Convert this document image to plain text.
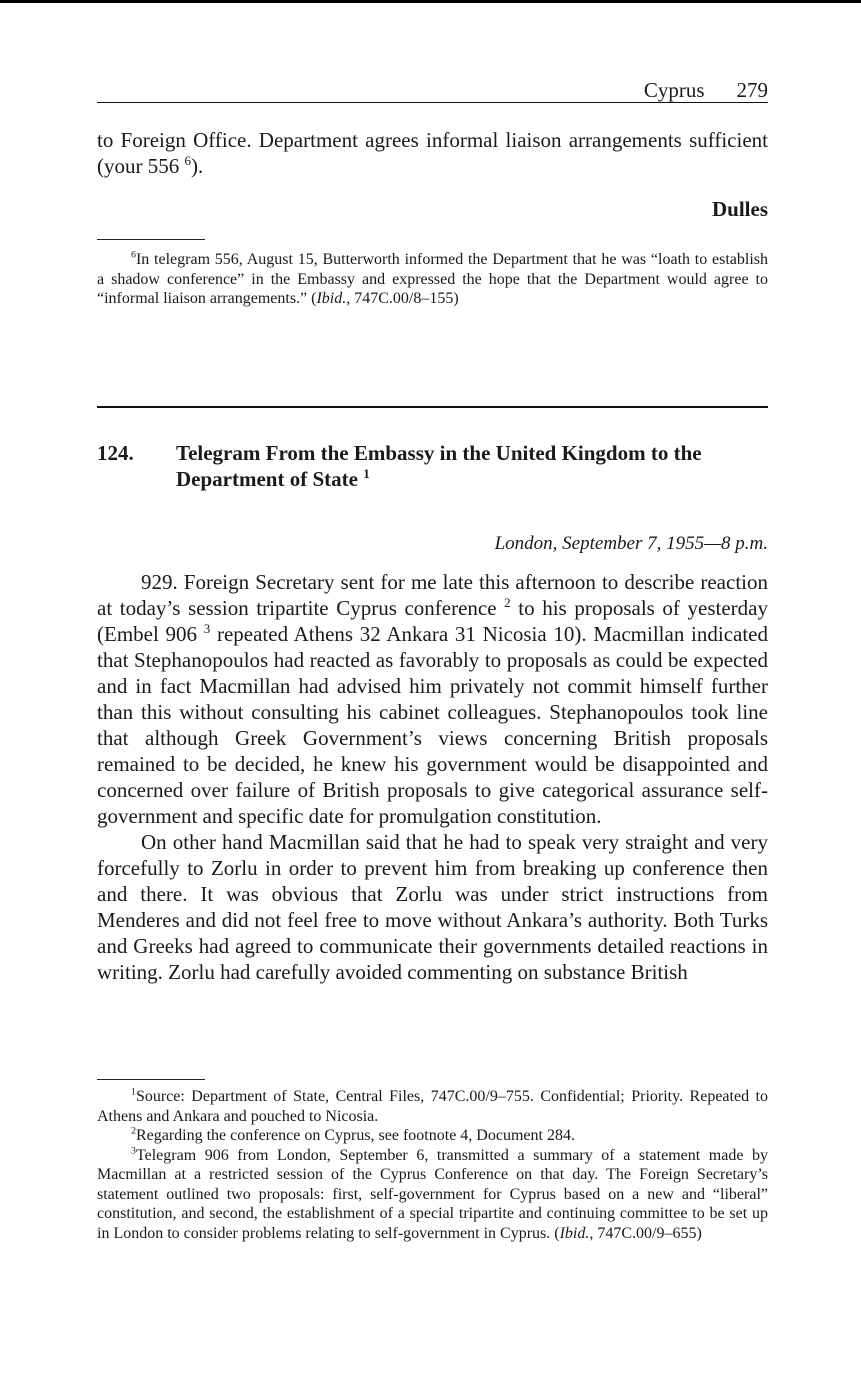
Cyprus 279

to Foreign Office. Department agrees informal liaison arrangements sufficient (your 556 $^6$).

Dulles

$^6$In telegram 556, August 15, Butterworth informed the Department that he was “loath to establish a shadow conference” in the Embassy and expressed the hope that the Department would agree to “informal liaison arrangements.” (Ibid., 747C.00/8–155)

124. Telegram From the Embassy in the United Kingdom to the Department of State $^1$
London, September 7, 1955—8 p.m.

929. Foreign Secretary sent for me late this afternoon to describe reaction at today’s session tripartite Cyprus conference $^2$ to his proposals of yesterday (Embel 906 $^3$ repeated Athens 32 Ankara 31 Nicosia 10). Macmillan indicated that Stephanopoulos had reacted as favorably to proposals as could be expected and in fact Macmillan had advised him privately not commit himself further than this without consulting his cabinet colleagues. Stephanopoulos took line that although Greek Government’s views concerning British proposals remained to be decided, he knew his government would be disappointed and concerned over failure of British proposals to give categorical assurance self-government and specific date for promulgation constitution.

On other hand Macmillan said that he had to speak very straight and very forcefully to Zorlu in order to prevent him from breaking up conference then and there. It was obvious that Zorlu was under strict instructions from Menderes and did not feel free to move without Ankara’s authority. Both Turks and Greeks had agreed to communicate their governments detailed reactions in writing. Zorlu had carefully avoided commenting on substance British

$^1$Source: Department of State, Central Files, 747C.00/9–755. Confidential; Priority. Repeated to Athens and Ankara and pouched to Nicosia.

$^2$Regarding the conference on Cyprus, see footnote 4, Document 284.

$^3$Telegram 906 from London, September 6, transmitted a summary of a statement made by Macmillan at a restricted session of the Cyprus Conference on that day. The Foreign Secretary’s statement outlined two proposals: first, self-government for Cyprus based on a new and “liberal” constitution, and second, the establishment of a special tripartite and continuing committee to be set up in London to consider problems relating to self-government in Cyprus. (Ibid., 747C.00/9–655)
